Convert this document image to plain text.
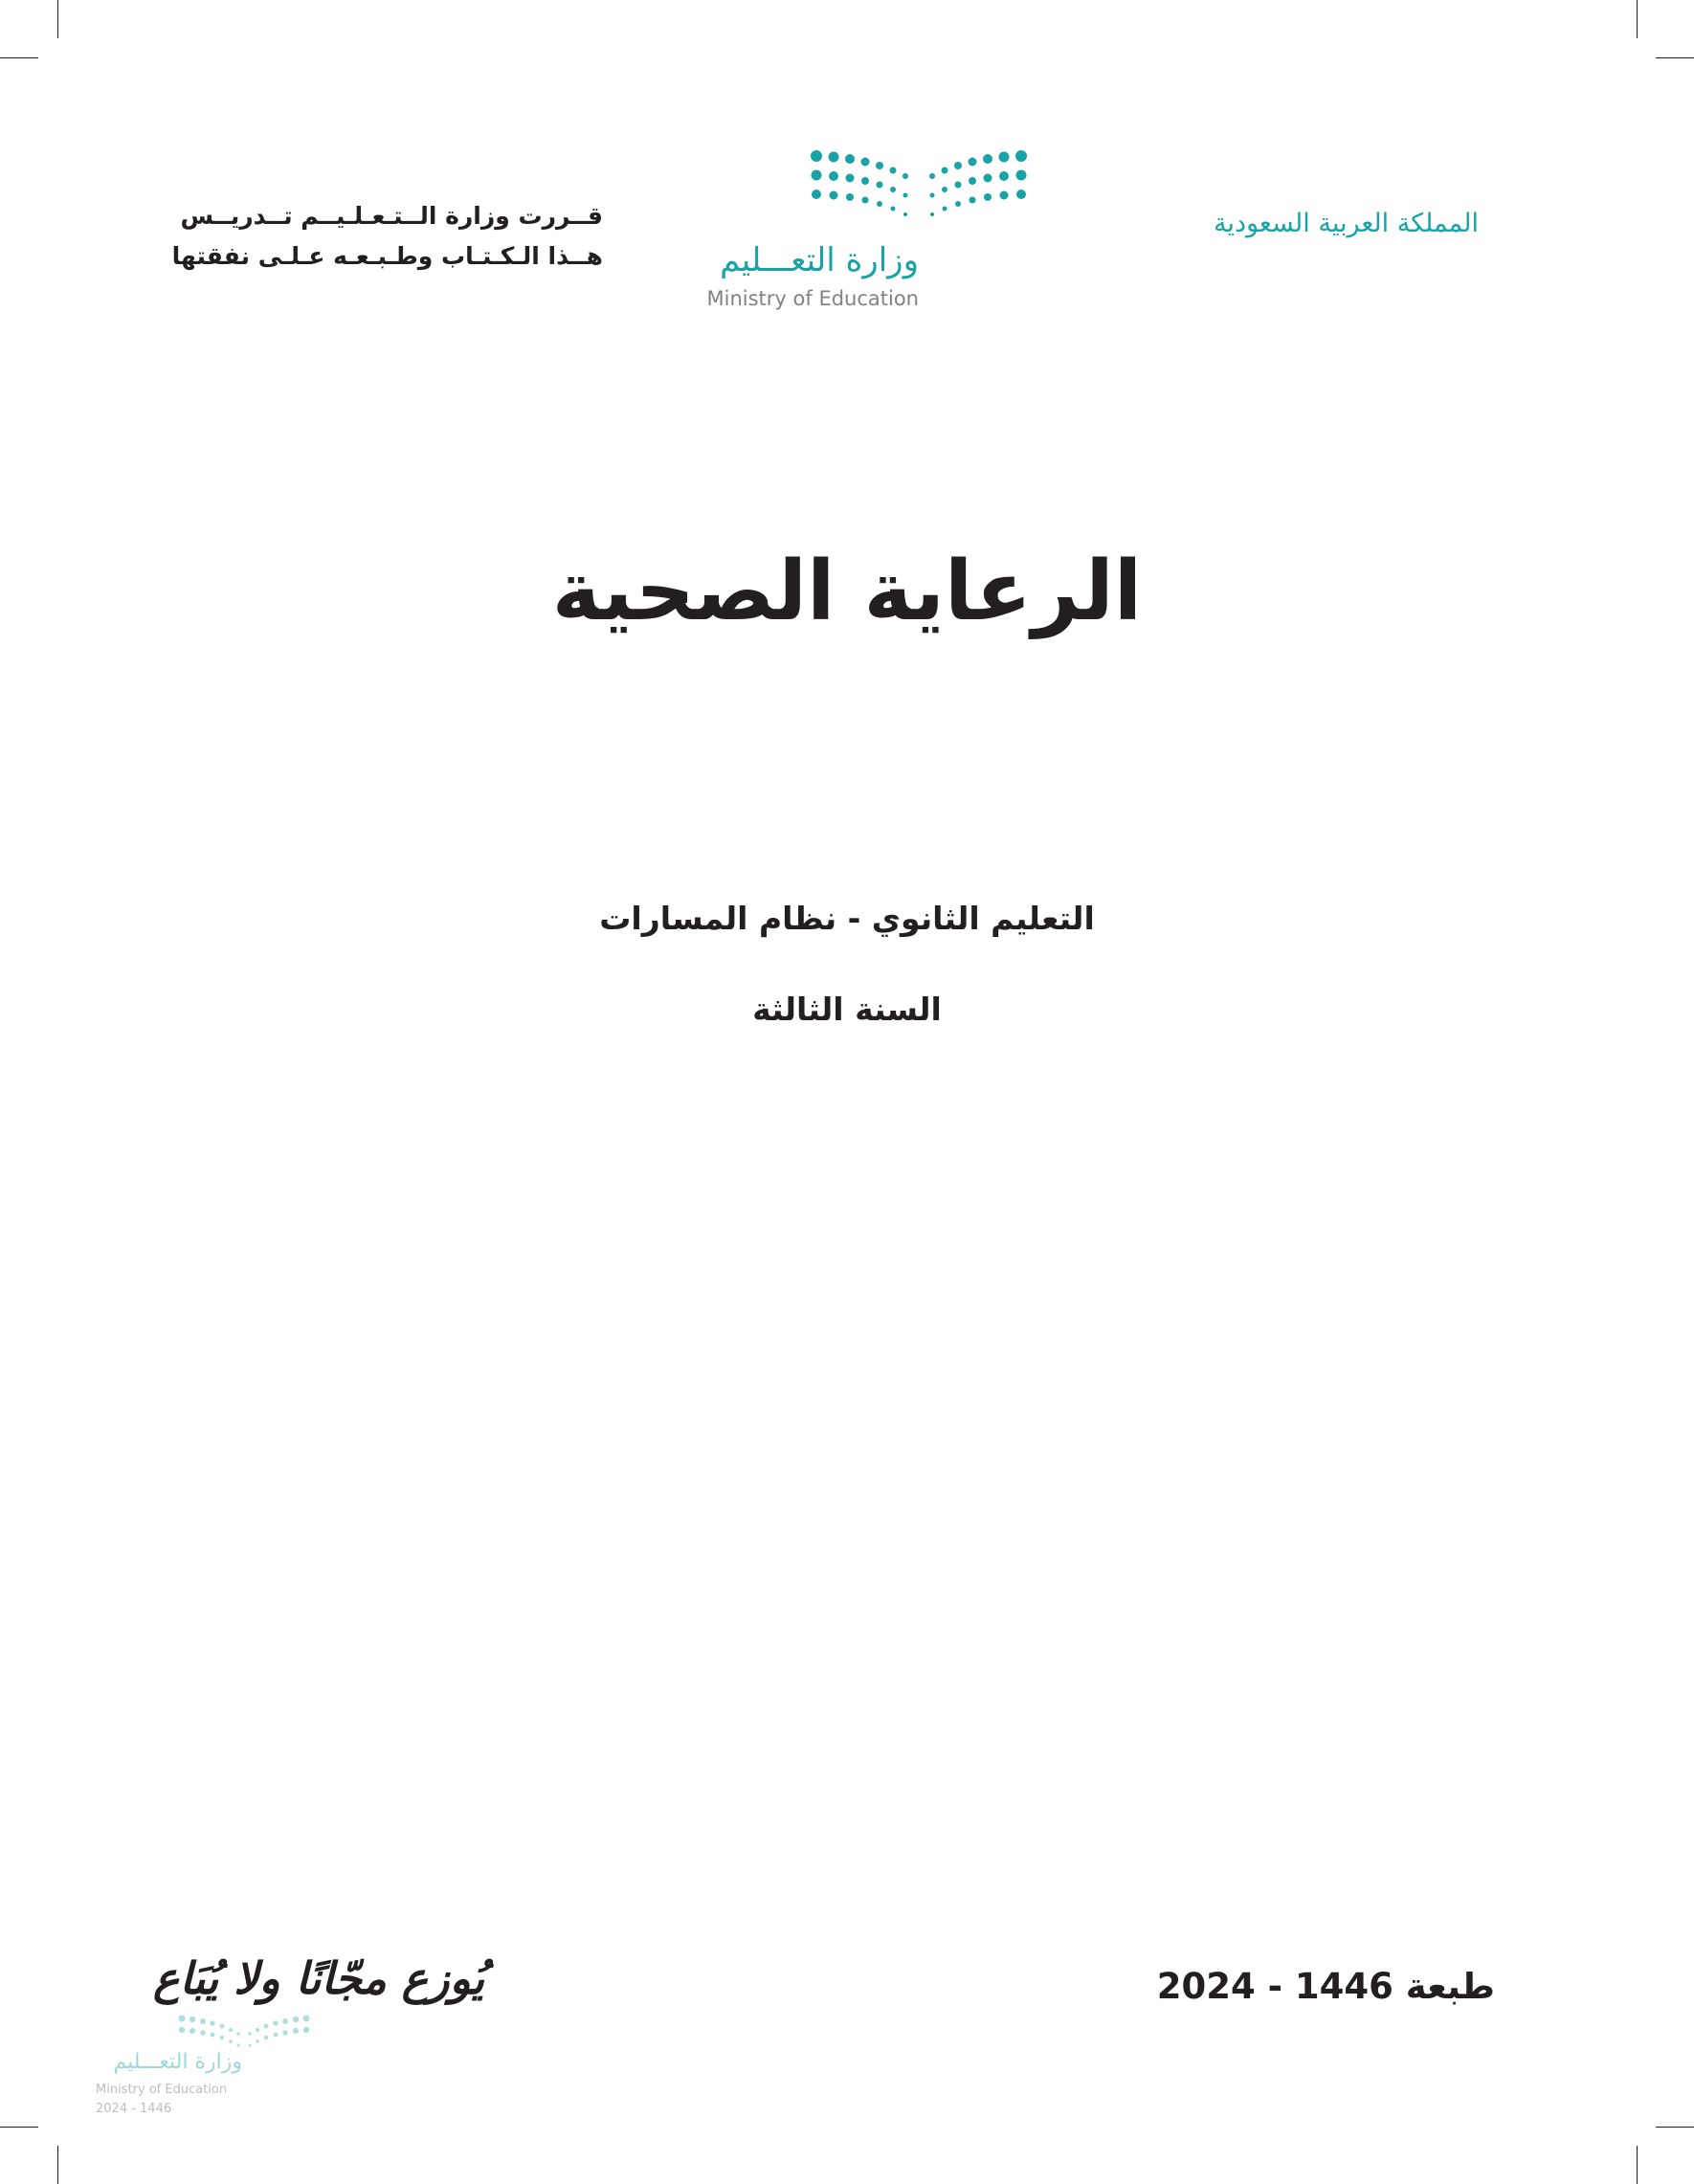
المملكة العربية السعودية
وزارة التعـــليم
Ministry of Education
قــررت وزارة الــتـعـلـيــم تــدريــس
هــذا الـكـتـاب وطـبـعـه عـلـى نفقتها
الرعاية الصحية
التعليم الثانوي - نظام المسارات
السنة الثالثة
طبعة 1446 - 2024
يُوزع مجّانًا ولا يُبَاع
وزارة التعـــليم
Ministry of Education
2024 - 1446
